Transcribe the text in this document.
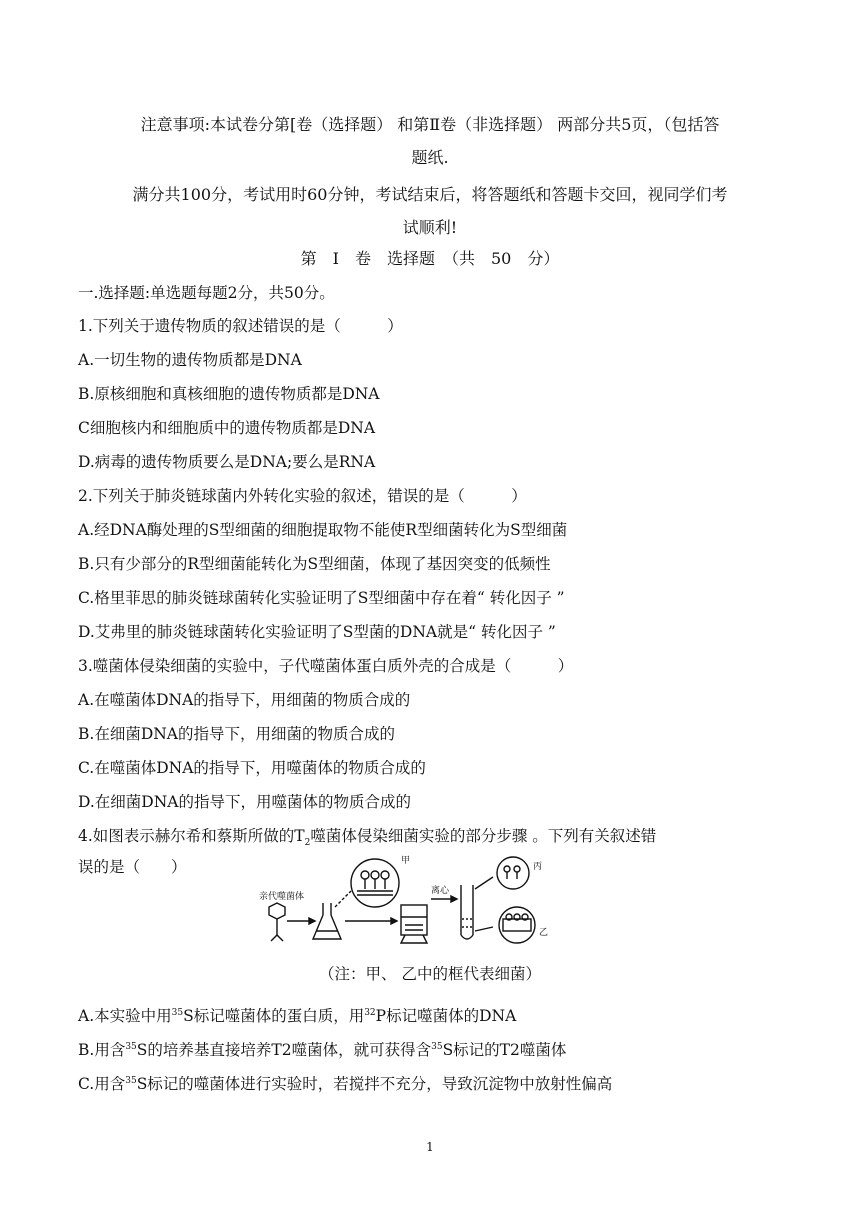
注意事项:本试卷分第[卷（选择题） 和第Ⅱ卷（非选择题） 两部分共5页，（包括答
题纸.
满分共100分，考试用时60分钟，考试结束后，将答题纸和答题卡交回，视同学们考
试顺利!
第　I　卷　选择题　（共　50　分）
一.选择题:单选题每题2分，共50分。
1.下列关于遗传物质的叙述错误的是（　　　）
A.一切生物的遗传物质都是DNA
B.原核细胞和真核细胞的遗传物质都是DNA
C细胞核内和细胞质中的遗传物质都是DNA
D.病毒的遗传物质要么是DNA;要么是RNA
2.下列关于肺炎链球菌内外转化实验的叙述，错误的是（　　　）
A.经DNA酶处理的S型细菌的细胞提取物不能使R型细菌转化为S型细菌
B.只有少部分的R型细菌能转化为S型细菌，体现了基因突变的低频性
C.格里菲思的肺炎链球菌转化实验证明了S型细菌中存在着“ 转化因子 ”
D.艾弗里的肺炎链球菌转化实验证明了S型菌的DNA就是“ 转化因子 ”
3.噬菌体侵染细菌的实验中，子代噬菌体蛋白质外壳的合成是（　　　）
A.在噬菌体DNA的指导下，用细菌的物质合成的
B.在细菌DNA的指导下，用细菌的物质合成的
C.在噬菌体DNA的指导下，用噬菌体的物质合成的
D.在细菌DNA的指导下，用噬菌体的物质合成的
4.如图表示赫尔希和蔡斯所做的$T_2$噬菌体侵染细菌实验的部分步骤 。下列有关叙述错
误的是（　　）
亲代噬菌体
甲
离心
丙
乙
（注：甲、 乙中的框代表细菌）
A.本实验中用$^{35}$S标记噬菌体的蛋白质，用$^{32}$P标记噬菌体的DNA
B.用含$^{35}$S的培养基直接培养T2噬菌体，就可获得含$^{35}$S标记的T2噬菌体
C.用含$^{35}$S标记的噬菌体进行实验时，若搅拌不充分，导致沉淀物中放射性偏高
1
